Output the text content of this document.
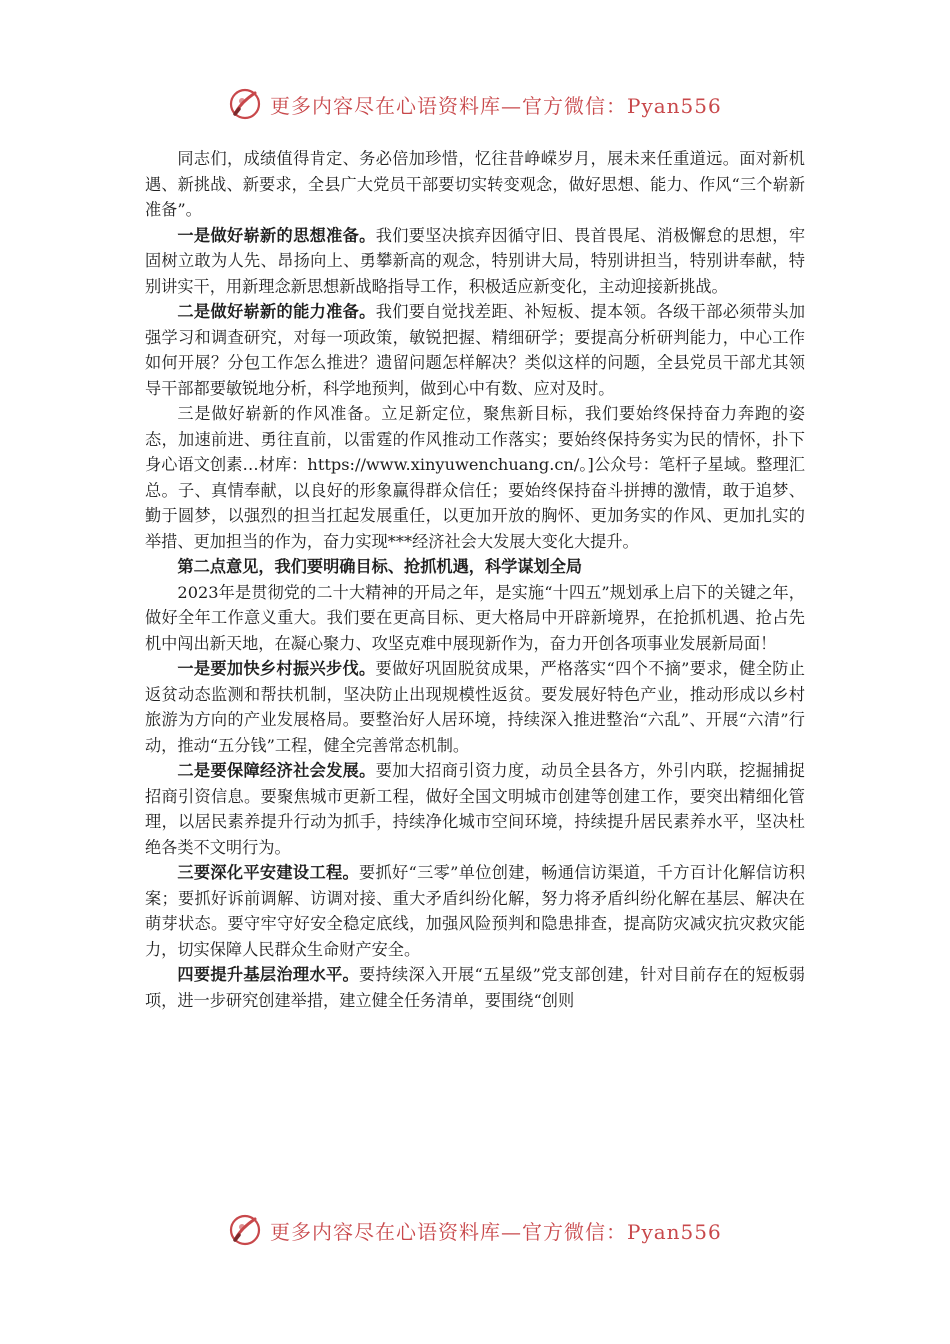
更多内容尽在心语资料库—官方微信：Pyan556

同志们，成绩值得肯定、务必倍加珍惜，忆往昔峥嵘岁月，展未来任重道远。面对新机遇、新挑战、新要求，全县广大党员干部要切实转变观念，做好思想、能力、作风“三个崭新准备”。

一是做好崭新的思想准备。我们要坚决摈弃因循守旧、畏首畏尾、消极懈怠的思想，牢固树立敢为人先、昂扬向上、勇攀新高的观念，特别讲大局，特别讲担当，特别讲奉献，特别讲实干，用新理念新思想新战略指导工作，积极适应新变化，主动迎接新挑战。

二是做好崭新的能力准备。我们要自觉找差距、补短板、提本领。各级干部必须带头加强学习和调查研究，对每一项政策，敏锐把握、精细研学；要提高分析研判能力，中心工作如何开展？分包工作怎么推进？遗留问题怎样解决？类似这样的问题，全县党员干部尤其领导干部都要敏锐地分析，科学地预判，做到心中有数、应对及时。

三是做好崭新的作风准备。立足新定位，聚焦新目标，我们要始终保持奋力奔跑的姿态，加速前进、勇往直前，以雷霆的作风推动工作落实；要始终保持务实为民的情怀，扑下身心语文创素…材库：https://www.xinyuwenchuang.cn/。]公众号：笔杆子星域。整理汇总。子、真情奉献，以良好的形象赢得群众信任；要始终保持奋斗拼搏的激情，敢于追梦、勤于圆梦，以强烈的担当扛起发展重任，以更加开放的胸怀、更加务实的作风、更加扎实的举措、更加担当的作为，奋力实现***经济社会大发展大变化大提升。

第二点意见，我们要明确目标、抢抓机遇，科学谋划全局

2023年是贯彻党的二十大精神的开局之年，是实施“十四五”规划承上启下的关键之年，做好全年工作意义重大。我们要在更高目标、更大格局中开辟新境界，在抢抓机遇、抢占先机中闯出新天地，在凝心聚力、攻坚克难中展现新作为，奋力开创各项事业发展新局面！

一是要加快乡村振兴步伐。要做好巩固脱贫成果，严格落实“四个不摘”要求，健全防止返贫动态监测和帮扶机制，坚决防止出现规模性返贫。要发展好特色产业，推动形成以乡村旅游为方向的产业发展格局。要整治好人居环境，持续深入推进整治“六乱”、开展“六清”行动，推动“五分钱”工程，健全完善常态机制。

二是要保障经济社会发展。要加大招商引资力度，动员全县各方，外引内联，挖掘捕捉招商引资信息。要聚焦城市更新工程，做好全国文明城市创建等创建工作，要突出精细化管理，以居民素养提升行动为抓手，持续净化城市空间环境，持续提升居民素养水平，坚决杜绝各类不文明行为。

三要深化平安建设工程。要抓好“三零”单位创建，畅通信访渠道，千方百计化解信访积案；要抓好诉前调解、访调对接、重大矛盾纠纷化解，努力将矛盾纠纷化解在基层、解决在萌芽状态。要守牢守好安全稳定底线，加强风险预判和隐患排查，提高防灾减灾抗灾救灾能力，切实保障人民群众生命财产安全。

四要提升基层治理水平。要持续深入开展“五星级”党支部创建，针对目前存在的短板弱项，进一步研究创建举措，建立健全任务清单，要围绕“创则

更多内容尽在心语资料库—官方微信：Pyan556
